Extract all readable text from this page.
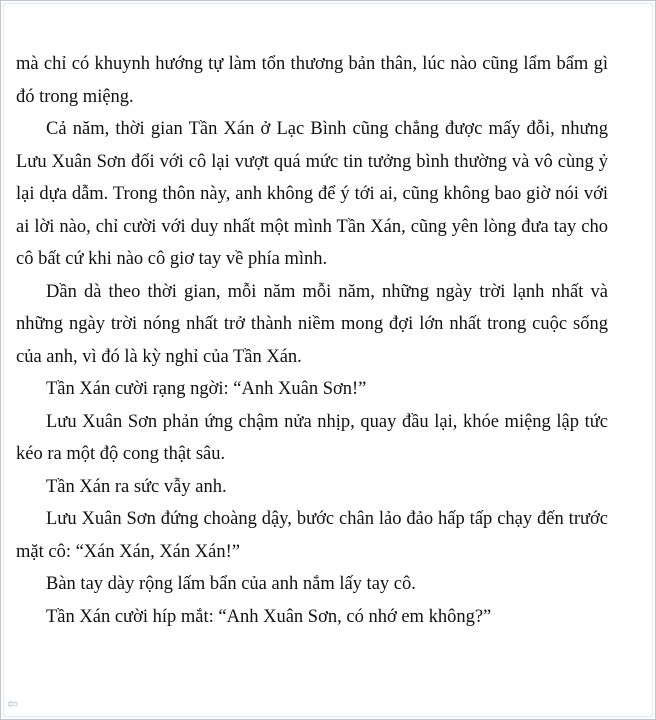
mà chỉ có khuynh hướng tự làm tổn thương bản thân, lúc nào cũng lẩm bẩm gì đó trong miệng.

Cả năm, thời gian Tần Xán ở Lạc Bình cũng chẳng được mấy đỗi, nhưng Lưu Xuân Sơn đối với cô lại vượt quá mức tin tưởng bình thường và vô cùng ỷ lại dựa dẫm. Trong thôn này, anh không để ý tới ai, cũng không bao giờ nói với ai lời nào, chỉ cười với duy nhất một mình Tần Xán, cũng yên lòng đưa tay cho cô bất cứ khi nào cô giơ tay về phía mình.

Dần dà theo thời gian, mỗi năm mỗi năm, những ngày trời lạnh nhất và những ngày trời nóng nhất trở thành niềm mong đợi lớn nhất trong cuộc sống của anh, vì đó là kỳ nghỉ của Tần Xán.

Tần Xán cười rạng ngời: “Anh Xuân Sơn!”

Lưu Xuân Sơn phản ứng chậm nửa nhịp, quay đầu lại, khóe miệng lập tức kéo ra một độ cong thật sâu.

Tần Xán ra sức vẫy anh.

Lưu Xuân Sơn đứng choàng dậy, bước chân lảo đảo hấp tấp chạy đến trước mặt cô: “Xán Xán, Xán Xán!”

Bàn tay dày rộng lấm bẩn của anh nắm lấy tay cô.

Tần Xán cười híp mắt: “Anh Xuân Sơn, có nhớ em không?”

⇦
